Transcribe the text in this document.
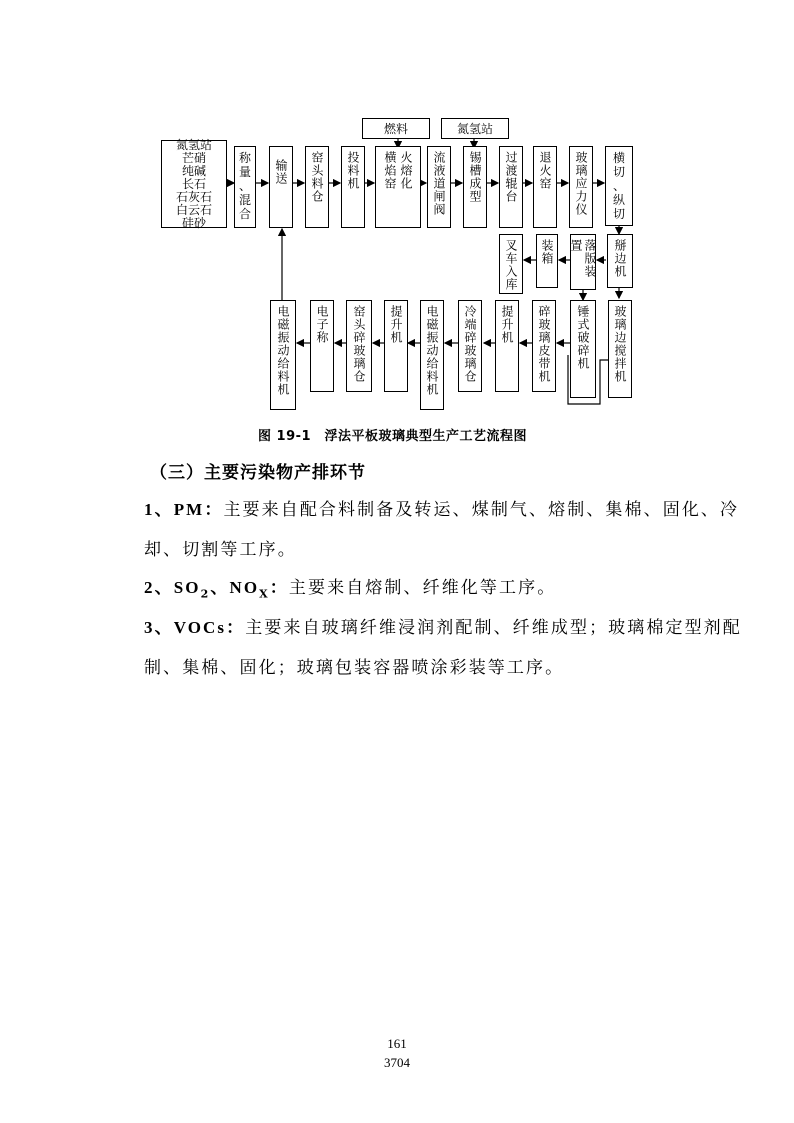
氮氢站
芒硝
纯碱
长石
石灰石
白云石
硅砂
称
量
、
混
合
输送 窑头料仓 投料机	火熔化
横焰窑	流液道闸阀 锡槽成型 过渡辊台 退火窑 玻璃应力仪 横
切
、
纵
切
燃料	氮氢站
掰边机
落版装置
装箱
叉车入库
玻璃边搅拌机
锤式破碎机
碎玻璃皮带机
提升机
冷端碎玻璃仓
电磁振动给料机
提升机
窑头碎玻璃仓
电子称
电磁振动给料机
图 19-1　浮法平板玻璃典型生产工艺流程图
（三）主要污染物产排环节
1、PM：主要来自配合料制备及转运、煤制气、熔制、集棉、固化、冷却、切割等工序。
2、$SO_2$、$NO_X$：主要来自熔制、纤维化等工序。
3、VOCs：主要来自玻璃纤维浸润剂配制、纤维成型；玻璃棉定型剂配制、集棉、固化；玻璃包装容器喷涂彩装等工序。
161
3704
